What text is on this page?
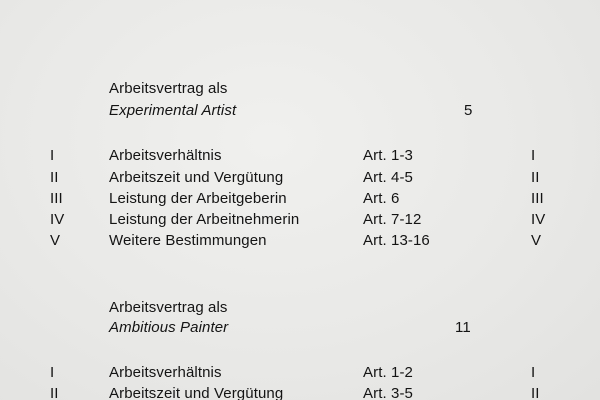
Arbeitsvertrag als
Experimental Artist	5
I	Arbeitsverhältnis	Art. 1-3	I
II	Arbeitszeit und Vergütung	Art. 4-5	II
III	Leistung der Arbeitgeberin	Art. 6	III
IV	Leistung der Arbeitnehmerin	Art. 7-12	IV
V	Weitere Bestimmungen	Art. 13-16	V
Arbeitsvertrag als
Ambitious Painter	11
I	Arbeitsverhältnis	Art. 1-2	I
II	Arbeitszeit und Vergütung	Art. 3-5	II
